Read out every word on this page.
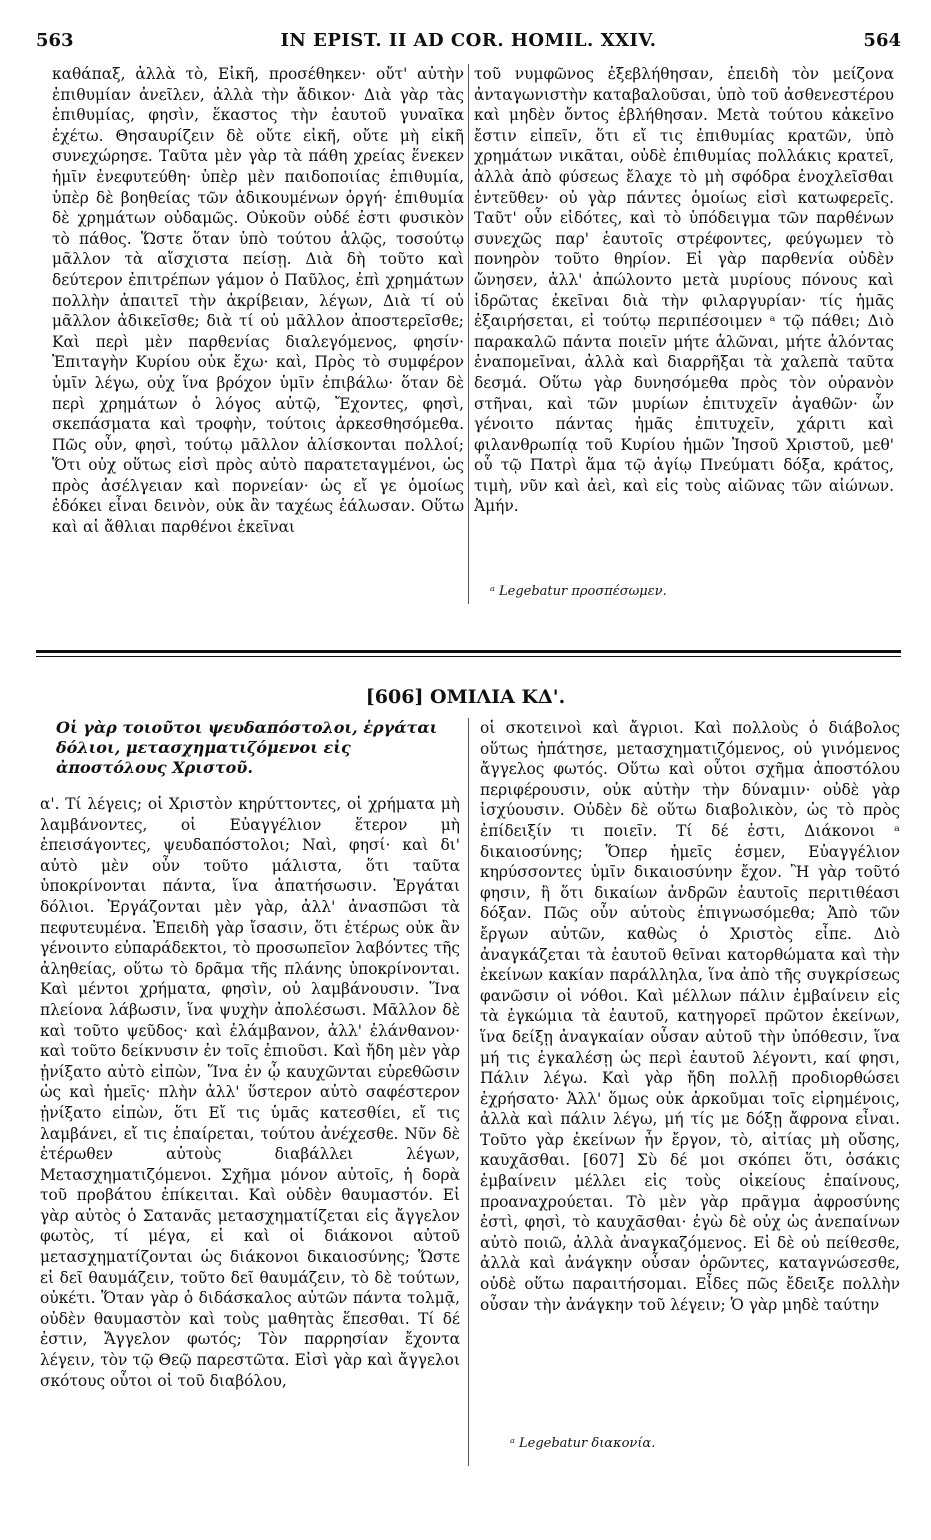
563	IN EPIST. II AD COR. HOMIL. XXIV.	564

καθάπαξ, ἀλλὰ τὸ, Εἰκῆ, προσέθηκεν· οὔτ' αὐτὴν ἐπιθυμίαν ἀνεῖλεν, ἀλλὰ τὴν ἄδικον· Διὰ γὰρ τὰς ἐπιθυμίας, φησὶν, ἕκαστος τὴν ἑαυτοῦ γυναῖκα ἐχέτω. Θησαυρίζειν δὲ οὔτε εἰκῆ, οὔτε μὴ εἰκῆ συνεχώρησε. Ταῦτα μὲν γὰρ τὰ πάθη χρείας ἕνεκεν ἡμῖν ἐνεφυτεύθη· ὑπὲρ μὲν παιδοποιίας ἐπιθυμία, ὑπὲρ δὲ βοηθείας τῶν ἀδικουμένων ὀργή· ἐπιθυμία δὲ χρημάτων οὐδαμῶς. Οὐκοῦν οὐδέ ἐστι φυσικὸν τὸ πάθος. Ὥστε ὅταν ὑπὸ τούτου ἁλῷς, τοσούτῳ μᾶλλον τὰ αἴσχιστα πείσῃ. Διὰ δὴ τοῦτο καὶ δεύτερον ἐπιτρέπων γάμον ὁ Παῦλος, ἐπὶ χρημάτων πολλὴν ἀπαιτεῖ τὴν ἀκρίβειαν, λέγων, Διὰ τί οὐ μᾶλλον ἀδικεῖσθε; διὰ τί οὐ μᾶλλον ἀποστερεῖσθε; Καὶ περὶ μὲν παρθενίας διαλεγόμενος, φησίν· Ἐπιταγὴν Κυρίου οὐκ ἔχω· καὶ, Πρὸς τὸ συμφέρον ὑμῖν λέγω, οὐχ ἵνα βρόχον ὑμῖν ἐπιβάλω· ὅταν δὲ περὶ χρημάτων ὁ λόγος αὐτῷ, Ἔχοντες, φησὶ, σκεπάσματα καὶ τροφὴν, τούτοις ἀρκεσθησόμεθα. Πῶς οὖν, φησὶ, τούτῳ μᾶλλον ἁλίσκονται πολλοί; Ὅτι οὐχ οὕτως εἰσὶ πρὸς αὐτὸ παρατεταγμένοι, ὡς πρὸς ἀσέλγειαν καὶ πορνείαν· ὡς εἴ γε ὁμοίως ἐδόκει εἶναι δεινὸν, οὐκ ἂν ταχέως ἑάλωσαν. Οὕτω καὶ αἱ ἄθλιαι παρθένοι ἐκεῖναι

τοῦ νυμφῶνος ἐξεβλήθησαν, ἐπειδὴ τὸν μείζονα ἀνταγωνιστὴν καταβαλοῦσαι, ὑπὸ τοῦ ἀσθενεστέρου καὶ μηδὲν ὄντος ἐβλήθησαν. Μετὰ τούτου κἀκεῖνο ἔστιν εἰπεῖν, ὅτι εἴ τις ἐπιθυμίας κρατῶν, ὑπὸ χρημάτων νικᾶται, οὐδὲ ἐπιθυμίας πολλάκις κρατεῖ, ἀλλὰ ἀπὸ φύσεως ἔλαχε τὸ μὴ σφόδρα ἐνοχλεῖσθαι ἐντεῦθεν· οὐ γὰρ πάντες ὁμοίως εἰσὶ κατωφερεῖς. Ταῦτ' οὖν εἰδότες, καὶ τὸ ὑπόδειγμα τῶν παρθένων συνεχῶς παρ' ἑαυτοῖς στρέφοντες, φεύγωμεν τὸ πονηρὸν τοῦτο θηρίον. Εἰ γὰρ παρθενία οὐδὲν ὤνησεν, ἀλλ' ἀπώλοντο μετὰ μυρίους πόνους καὶ ἱδρῶτας ἐκεῖναι διὰ τὴν φιλαργυρίαν· τίς ἡμᾶς ἐξαιρήσεται, εἰ τούτῳ περιπέσοιμεν ᵃ τῷ πάθει; Διὸ παρακαλῶ πάντα ποιεῖν μήτε ἁλῶναι, μήτε ἁλόντας ἐναπομεῖναι, ἀλλὰ καὶ διαρρῆξαι τὰ χαλεπὰ ταῦτα δεσμά. Οὕτω γὰρ δυνησόμεθα πρὸς τὸν οὐρανὸν στῆναι, καὶ τῶν μυρίων ἐπιτυχεῖν ἀγαθῶν· ὧν γένοιτο πάντας ἡμᾶς ἐπιτυχεῖν, χάριτι καὶ φιλανθρωπίᾳ τοῦ Κυρίου ἡμῶν Ἰησοῦ Χριστοῦ, μεθ' οὗ τῷ Πατρὶ ἅμα τῷ ἁγίῳ Πνεύματι δόξα, κράτος, τιμὴ, νῦν καὶ ἀεὶ, καὶ εἰς τοὺς αἰῶνας τῶν αἰώνων. Ἀμήν.

ᵃ Legebatur προσπέσωμεν.
[606] ΟΜΙΛΙΑ ΚΔ'.
Οἱ γὰρ τοιοῦτοι ψευδαπόστολοι, ἐργάται δόλιοι, μετασχηματιζόμενοι εἰς ἀποστόλους Χριστοῦ.

α'. Τί λέγεις; οἱ Χριστὸν κηρύττοντες, οἱ χρήματα μὴ λαμβάνοντες, οἱ Εὐαγγέλιον ἕτερον μὴ ἐπεισάγοντες, ψευδαπόστολοι; Ναὶ, φησί· καὶ δι' αὐτὸ μὲν οὖν τοῦτο μάλιστα, ὅτι ταῦτα ὑποκρίνονται πάντα, ἵνα ἀπατήσωσιν. Ἐργάται δόλιοι. Ἐργάζονται μὲν γὰρ, ἀλλ' ἀνασπῶσι τὰ πεφυτευμένα. Ἐπειδὴ γὰρ ἴσασιν, ὅτι ἑτέρως οὐκ ἂν γένοιντο εὐπαράδεκτοι, τὸ προσωπεῖον λαβόντες τῆς ἀληθείας, οὕτω τὸ δρᾶμα τῆς πλάνης ὑποκρίνονται. Καὶ μέντοι χρήματα, φησὶν, οὐ λαμβάνουσιν. Ἵνα πλείονα λάβωσιν, ἵνα ψυχὴν ἀπολέσωσι. Μᾶλλον δὲ καὶ τοῦτο ψεῦδος· καὶ ἐλάμβανον, ἀλλ' ἐλάνθανον· καὶ τοῦτο δείκνυσιν ἐν τοῖς ἐπιοῦσι. Καὶ ἤδη μὲν γὰρ ᾐνίξατο αὐτὸ εἰπὼν, Ἵνα ἐν ᾧ καυχῶνται εὑρεθῶσιν ὡς καὶ ἡμεῖς· πλὴν ἀλλ' ὕστερον αὐτὸ σαφέστερον ᾐνίξατο εἰπὼν, ὅτι Εἴ τις ὑμᾶς κατεσθίει, εἴ τις λαμβάνει, εἴ τις ἐπαίρεται, τούτου ἀνέχεσθε. Νῦν δὲ ἑτέρωθεν αὐτοὺς διαβάλλει λέγων, Μετασχηματιζόμενοι. Σχῆμα μόνον αὐτοῖς, ἡ δορὰ τοῦ προβάτου ἐπίκειται. Καὶ οὐδὲν θαυμαστόν. Εἰ γὰρ αὐτὸς ὁ Σατανᾶς μετασχηματίζεται εἰς ἄγγελον φωτὸς, τί μέγα, εἰ καὶ οἱ διάκονοι αὐτοῦ μετασχηματίζονται ὡς διάκονοι δικαιοσύνης; Ὥστε εἰ δεῖ θαυμάζειν, τοῦτο δεῖ θαυμάζειν, τὸ δὲ τούτων, οὐκέτι. Ὅταν γὰρ ὁ διδάσκαλος αὐτῶν πάντα τολμᾷ, οὐδὲν θαυμαστὸν καὶ τοὺς μαθητὰς ἕπεσθαι. Τί δέ ἐστιν, Ἄγγελον φωτός; Τὸν παρρησίαν ἔχοντα λέγειν, τὸν τῷ Θεῷ παρεστῶτα. Εἰσὶ γὰρ καὶ ἄγγελοι σκότους οὗτοι οἱ τοῦ διαβόλου,

οἱ σκοτεινοὶ καὶ ἄγριοι. Καὶ πολλοὺς ὁ διάβολος οὕτως ἠπάτησε, μετασχηματιζόμενος, οὐ γινόμενος ἄγγελος φωτός. Οὕτω καὶ οὗτοι σχῆμα ἀποστόλου περιφέρουσιν, οὐκ αὐτὴν τὴν δύναμιν· οὐδὲ γὰρ ἰσχύουσιν. Οὐδὲν δὲ οὕτω διαβολικὸν, ὡς τὸ πρὸς ἐπίδειξίν τι ποιεῖν. Τί δέ ἐστι, Διάκονοι ᵃ δικαιοσύνης; Ὅπερ ἡμεῖς ἐσμεν, Εὐαγγέλιον κηρύσσοντες ὑμῖν δικαιοσύνην ἔχον. Ἢ γὰρ τοῦτό φησιν, ἢ ὅτι δικαίων ἀνδρῶν ἑαυτοῖς περιτιθέασι δόξαν. Πῶς οὖν αὐτοὺς ἐπιγνωσόμεθα; Ἀπὸ τῶν ἔργων αὐτῶν, καθὼς ὁ Χριστὸς εἶπε. Διὸ ἀναγκάζεται τὰ ἑαυτοῦ θεῖναι κατορθώματα καὶ τὴν ἐκείνων κακίαν παράλληλα, ἵνα ἀπὸ τῆς συγκρίσεως φανῶσιν οἱ νόθοι. Καὶ μέλλων πάλιν ἐμβαίνειν εἰς τὰ ἐγκώμια τὰ ἑαυτοῦ, κατηγορεῖ πρῶτον ἐκείνων, ἵνα δείξῃ ἀναγκαίαν οὖσαν αὐτοῦ τὴν ὑπόθεσιν, ἵνα μή τις ἐγκαλέσῃ ὡς περὶ ἑαυτοῦ λέγοντι, καί φησι, Πάλιν λέγω. Καὶ γὰρ ἤδη πολλῇ προδιορθώσει ἐχρήσατο· Ἀλλ' ὅμως οὐκ ἀρκοῦμαι τοῖς εἰρημένοις, ἀλλὰ καὶ πάλιν λέγω, μή τίς με δόξῃ ἄφρονα εἶναι. Τοῦτο γὰρ ἐκείνων ἦν ἔργον, τὸ, αἰτίας μὴ οὔσης, καυχᾶσθαι. [607] Σὺ δέ μοι σκόπει ὅτι, ὁσάκις ἐμβαίνειν μέλλει εἰς τοὺς οἰκείους ἐπαίνους, προαναχρούεται. Τὸ μὲν γὰρ πρᾶγμα ἀφροσύνης ἐστὶ, φησὶ, τὸ καυχᾶσθαι· ἐγὼ δὲ οὐχ ὡς ἀνεπαίνων αὐτὸ ποιῶ, ἀλλὰ ἀναγκαζόμενος. Εἰ δὲ οὐ πείθεσθε, ἀλλὰ καὶ ἀνάγκην οὖσαν ὁρῶντες, καταγνώσεσθε, οὐδὲ οὕτω παραιτήσομαι. Εἶδες πῶς ἔδειξε πολλὴν οὖσαν τὴν ἀνάγκην τοῦ λέγειν; Ὁ γὰρ μηδὲ ταύτην

ᵃ Legebatur διακονία.
